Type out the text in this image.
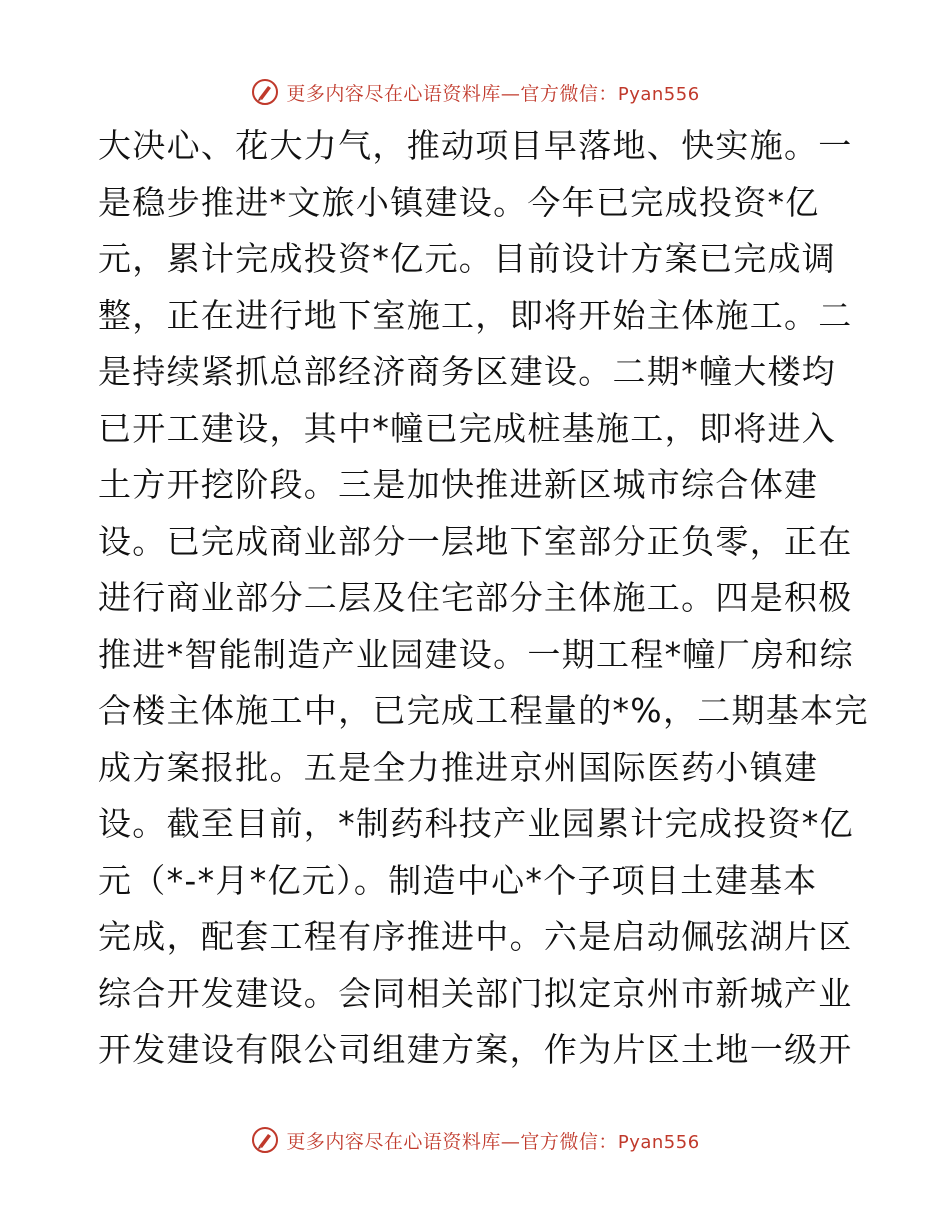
更多内容尽在心语资料库—官方微信：Pyan556
大决心、花大力气，推动项目早落地、快实施。一
是稳步推进*文旅小镇建设。今年已完成投资*亿
元，累计完成投资*亿元。目前设计方案已完成调
整，正在进行地下室施工，即将开始主体施工。二
是持续紧抓总部经济商务区建设。二期*幢大楼均
已开工建设，其中*幢已完成桩基施工，即将进入
土方开挖阶段。三是加快推进新区城市综合体建
设。已完成商业部分一层地下室部分正负零，正在
进行商业部分二层及住宅部分主体施工。四是积极
推进*智能制造产业园建设。一期工程*幢厂房和综
合楼主体施工中，已完成工程量的*%，二期基本完
成方案报批。五是全力推进京州国际医药小镇建
设。截至目前，*制药科技产业园累计完成投资*亿
元（*-*月*亿元）。制造中心*个子项目土建基本
完成，配套工程有序推进中。六是启动佩弦湖片区
综合开发建设。会同相关部门拟定京州市新城产业
开发建设有限公司组建方案，作为片区土地一级开
更多内容尽在心语资料库—官方微信：Pyan556
